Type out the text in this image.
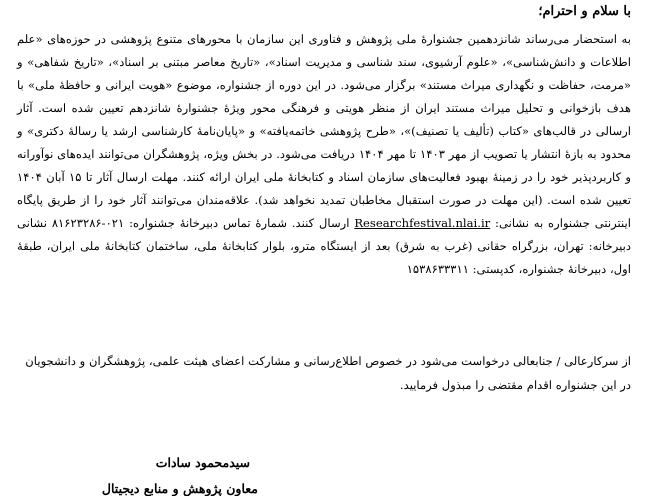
با سلام و احترام؛

به استحضار می‌رساند شانزدهمین جشنوارهٔ ملی پژوهش و فناوری این سازمان با محورهای متنوع پژوهشی در حوزه‌های «علم اطلاعات و دانش‌شناسی»، «علوم آرشیوی، سند شناسی و مدیریت اسناد»، «تاریخ معاصر مبتنی بر اسناد»، «تاریخ شفاهی» و «مرمت، حفاظت و نگهداری میراث مستند» برگزار می‌شود. در این دوره از جشنواره، موضوع «هویت ایرانی و حافظهٔ ملی» با هدف بازخوانی و تحلیل میراث مستند ایران از منظر هویتی و فرهنگی محور ویژهٔ جشنوارهٔ شانزدهم تعیین شده است. آثار ارسالی در قالب‌های «کتاب (تألیف یا تصنیف)»، «طرح پژوهشی خاتمه‌یافته» و «پایان‌نامهٔ کارشناسی ارشد یا رسالهٔ دکتری» و محدود به بازهٔ انتشار یا تصویب از مهر ۱۴۰۳ تا مهر ۱۴۰۴ دریافت می‌شود. در بخش ویژه، پژوهشگران می‌توانند ایده‌های نوآورانه و کاربردپذیر خود را در زمینهٔ بهبود فعالیت‌های سازمان اسناد و کتابخانهٔ ملی ایران ارائه کنند. مهلت ارسال آثار تا ۱۵ آبان ۱۴۰۴ تعیین شده است. (این مهلت در صورت استقبال مخاطبان تمدید نخواهد شد). علاقه‌مندان می‌توانند آثار خود را از طریق پایگاه اینترنتی جشنواره به نشانی: Researchfestival.nlai.ir ارسال کنند. شمارهٔ تماس دبیرخانهٔ جشنواره: ۰۲۱-۸۱۶۲۳۲۸۶ نشانی دبیرخانه: تهران، بزرگراه حقانی (غرب به شرق) بعد از ایستگاه مترو، بلوار کتابخانهٔ ملی، ساختمان کتابخانهٔ ملی ایران، طبقهٔ اول، دبیرخانهٔ جشنواره، کدپستی: ۱۵۳۸۶۳۳۳۱۱

از سرکارعالی / جنابعالی درخواست می‌شود در خصوص اطلاع‌رسانی و مشارکت اعضای هیئت علمی، پژوهشگران و دانشجویان در این جشنواره اقدام مقتضی را مبذول فرمایید.

سیدمحمود سادات

معاون پژوهش و منابع دیجیتال
